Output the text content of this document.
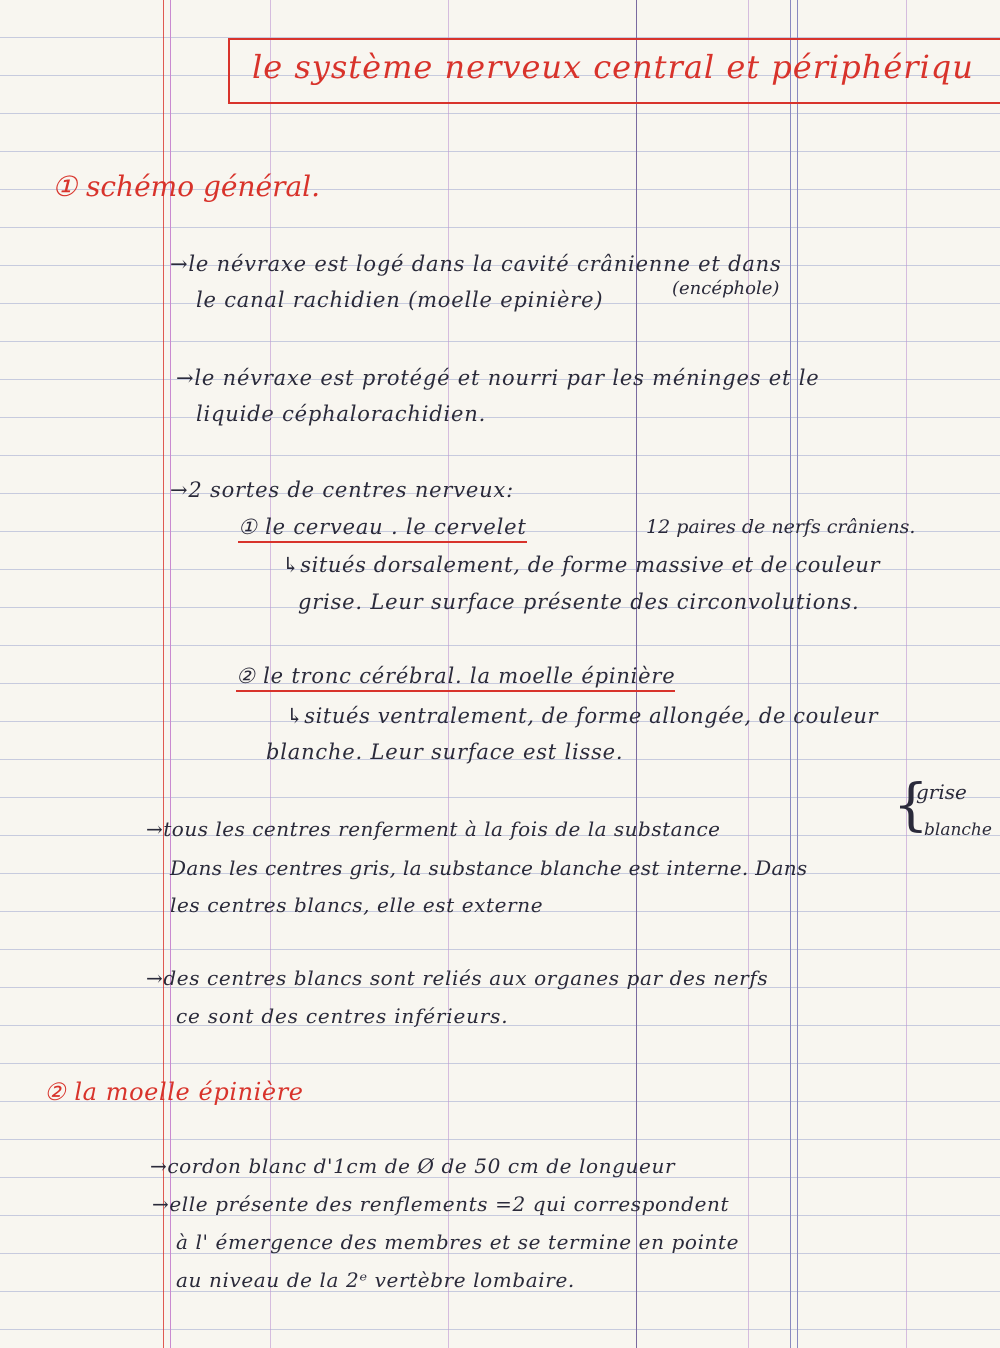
le système nerveux central et périphériqu
① schémo général.
→le névraxe est logé dans la cavité crânienne et dans
le canal rachidien (moelle epinière)	(encéphole)
→le névraxe est protégé et nourri par les méninges et le
liquide céphalorachidien.
→2 sortes de centres nerveux:
① le cerveau . le cervelet	12 paires de nerfs crâniens.
↳situés dorsalement, de forme massive et de couleur
grise. Leur surface présente des circonvolutions.
② le tronc cérébral. la moelle épinière
↳situés ventralement, de forme allongée, de couleur
blanche. Leur surface est lisse.
{
grise
blanche
→tous les centres renferment à la fois de la substance
Dans les centres gris, la substance blanche est interne. Dans
les centres blancs, elle est externe
→des centres blancs sont reliés aux organes par des nerfs
ce sont des centres inférieurs.
② la moelle épinière
→cordon blanc d'1cm de Ø de 50 cm de longueur
→elle présente des renflements =2 qui correspondent
à l' émergence des membres et se termine en pointe
au niveau de la 2ᵉ vertèbre lombaire.
